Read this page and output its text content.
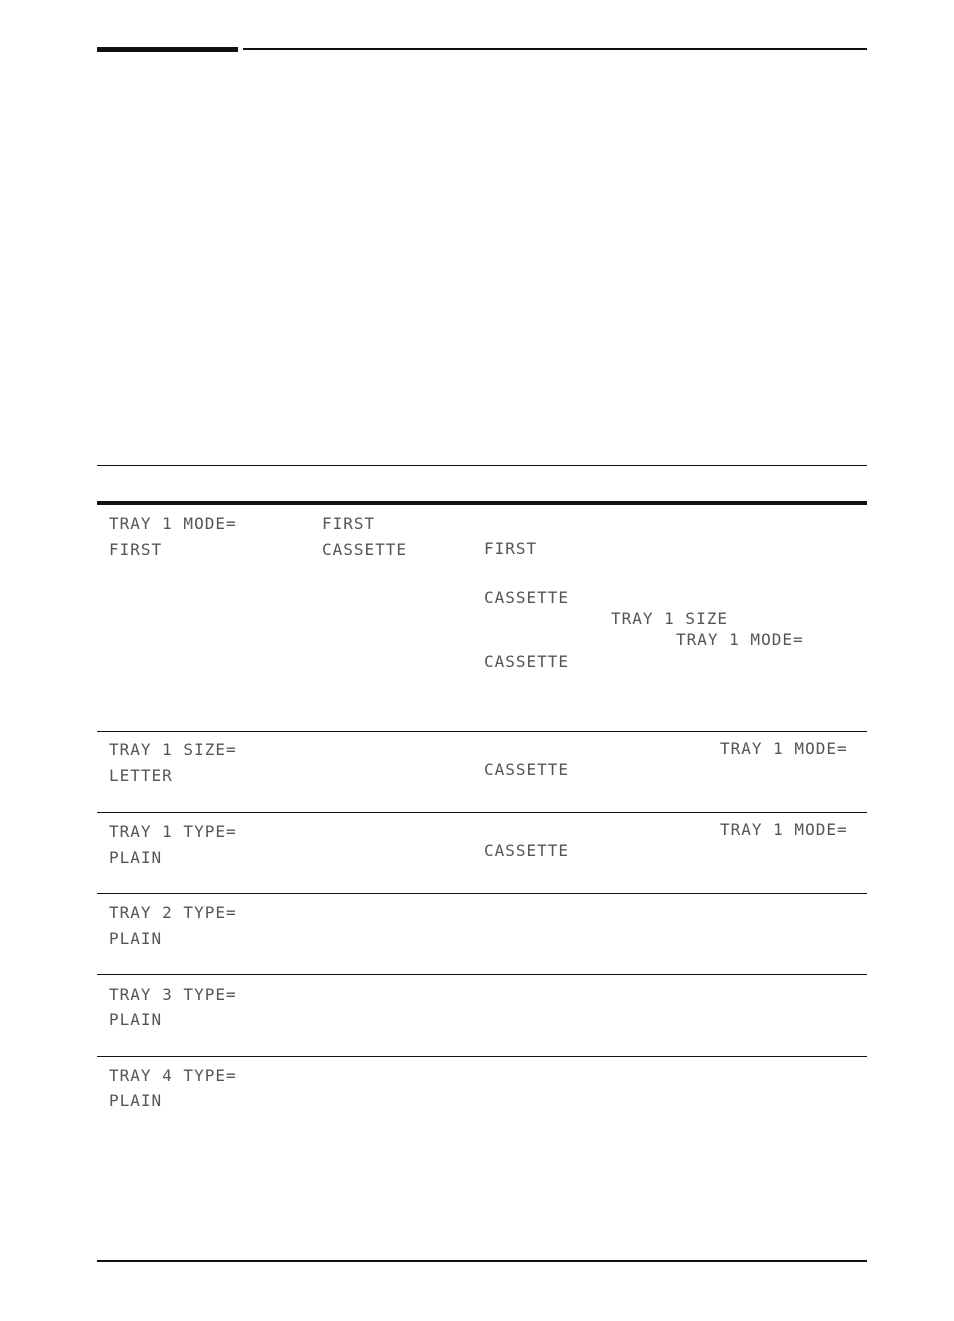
TRAY 1 MODE=
FIRST
FIRST
CASSETTE	FIRST
CASSETTE
TRAY 1 SIZE
TRAY 1 MODE=
CASSETTE
TRAY 1 SIZE=
LETTER
TRAY 1 MODE=
CASSETTE
TRAY 1 TYPE=
PLAIN
TRAY 1 MODE=
CASSETTE
TRAY 2 TYPE=
PLAIN
TRAY 3 TYPE=
PLAIN
TRAY 4 TYPE=
PLAIN
